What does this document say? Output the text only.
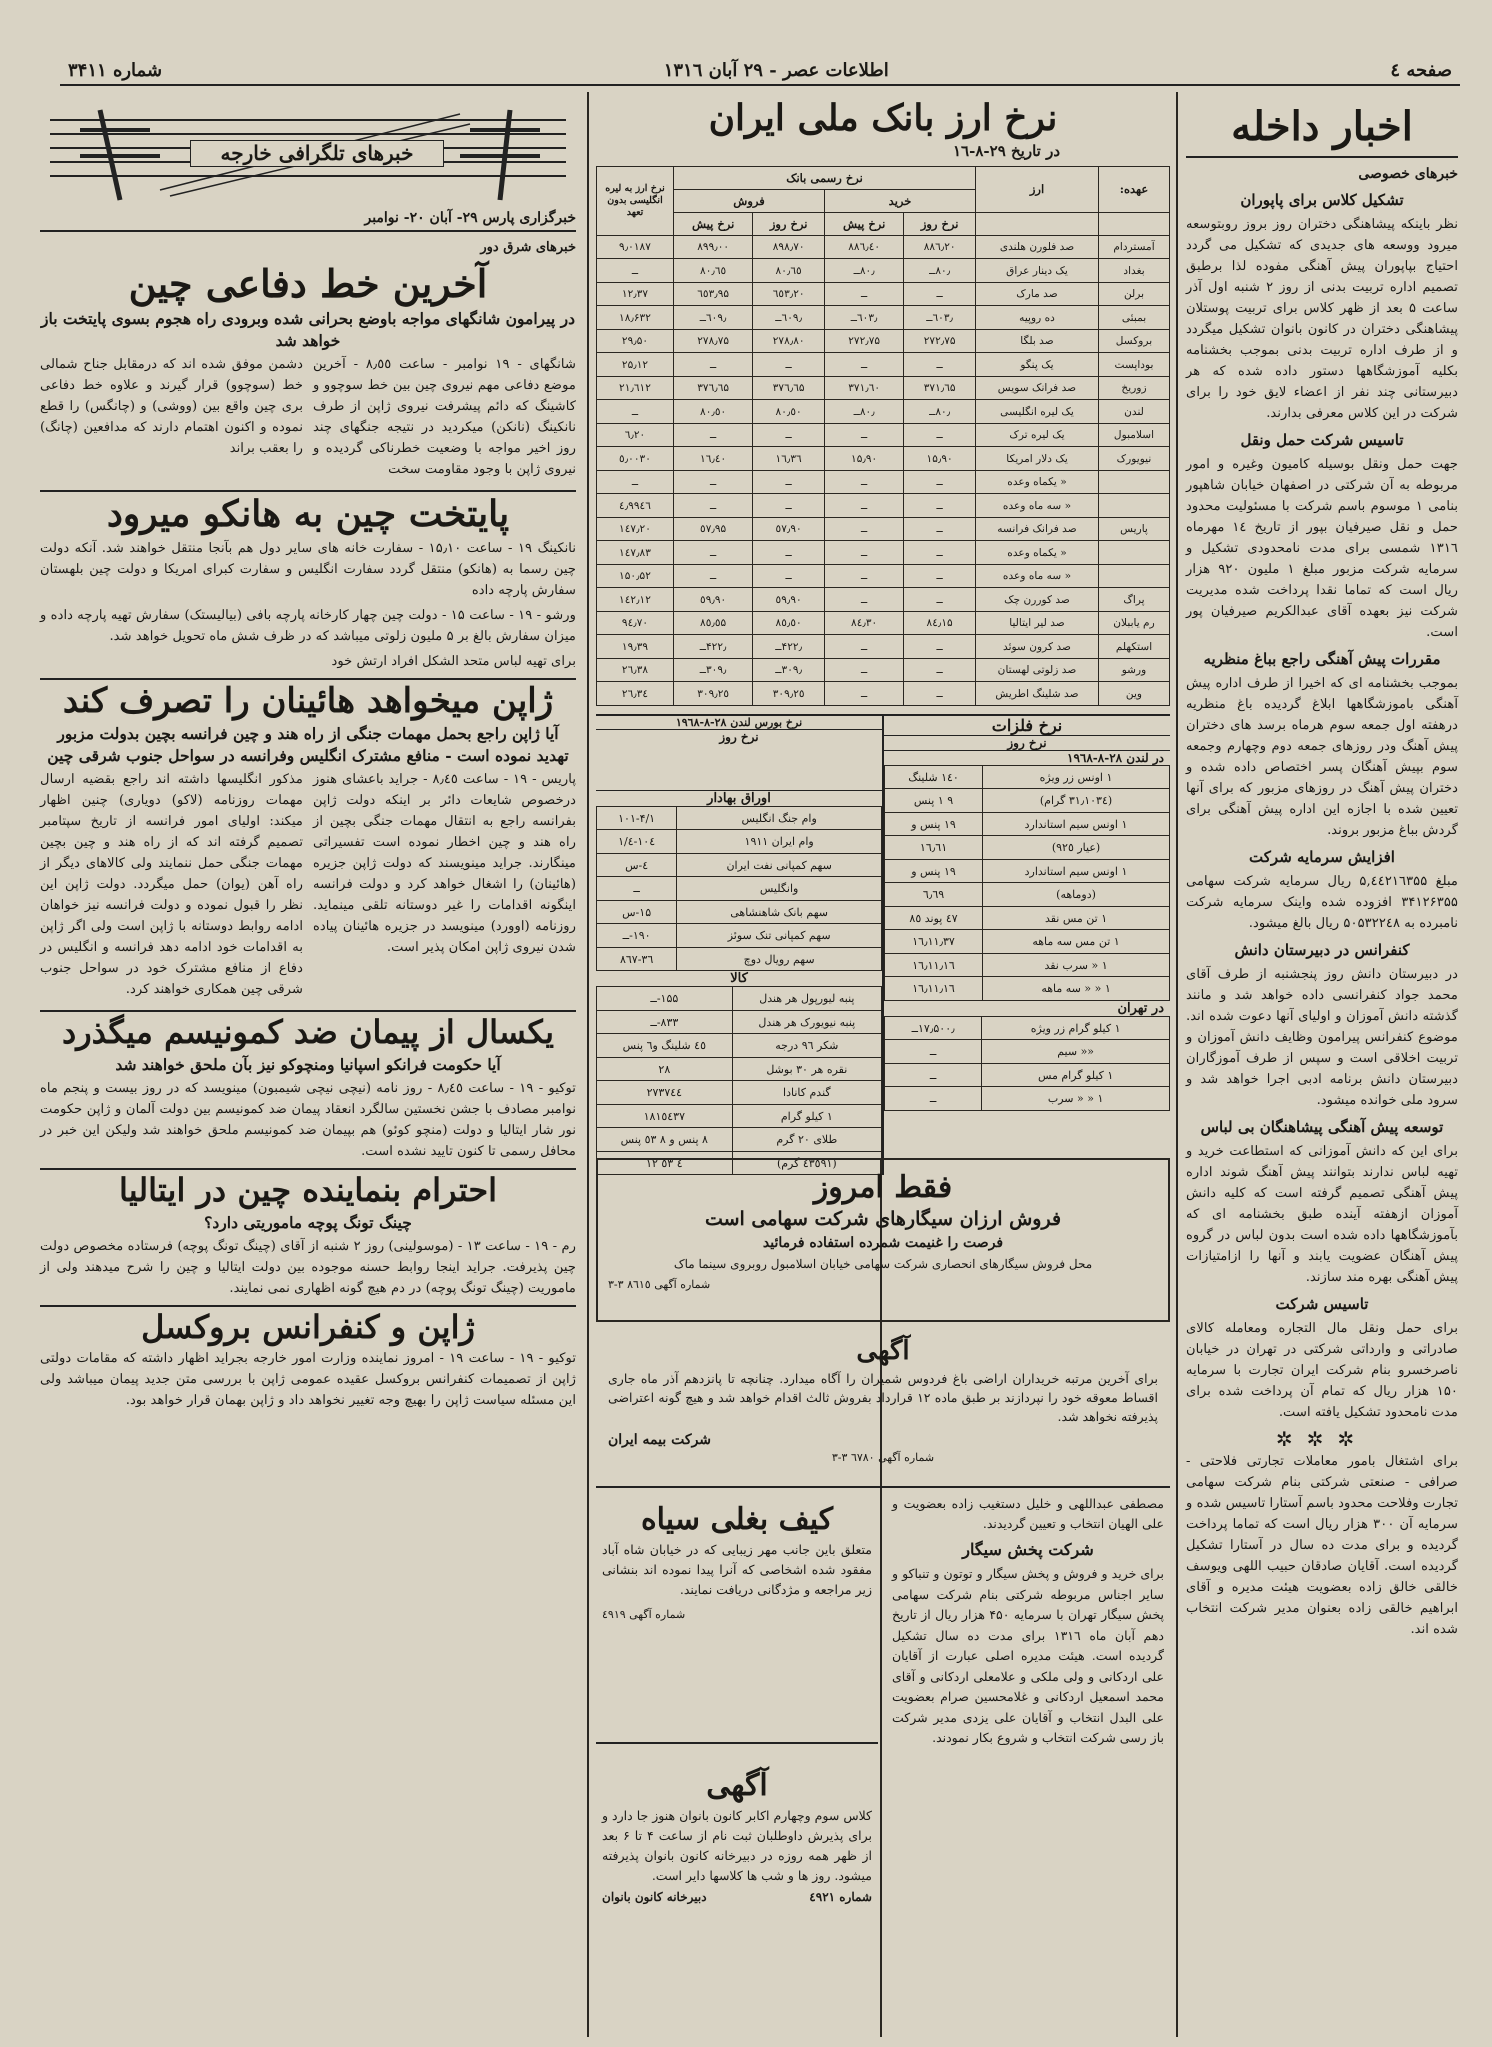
صفحه ٤
اطلاعات عصر - ۲۹ آبان ۱۳۱٦
شماره ۳۴۱۱
اخبار داخله
خبرهای خصوصی
تشکیل کلاس برای پاپوران

نظر باینکه پیشاهنگی دختران روز بروز روبتوسعه میرود ووسعه های جدیدی که تشکیل می گردد احتیاج بپاپوران پیش آهنگی مفوده لذا برطبق تصمیم اداره تربیت بدنی از روز ۲ شنبه اول آذر ساعت ۵ بعد از ظهر کلاس برای تربیت پوستلان پیشاهنگی دختران در کانون بانوان تشکیل میگردد و از طرف اداره تربیت بدنی بموجب بخشنامه بکلیه آموزشگاهها دستور داده شده که هر دبیرستانی چند نفر از اعضاء لایق خود را برای شرکت در این کلاس معرفی بدارند.

تاسیس شرکت حمل ونقل

جهت حمل ونقل بوسیله کامیون وغیره و امور مربوطه به آن شرکتی در اصفهان خیابان شاهپور بنامی ۱ موسوم باسم شرکت با مسئولیت محدود حمل و نقل صیرفیان بپور از تاریخ ۱٤ مهرماه ۱۳۱٦ شمسی برای مدت نامحدودی تشکیل و سرمایه شرکت مزبور مبلغ ۱ ملیون ۹۲۰ هزار ریال است که تماما نقدا پرداخت شده مدیریت شرکت نیز بعهده آقای عبدالکریم صیرفیان پور است.

مقررات پیش آهنگی راجع بباغ منظریه

بموجب بخشنامه ای که اخیرا از طرف اداره پیش آهنگی باموزشگاهها ابلاغ گردیده باغ منظریه درهفته اول جمعه سوم هرماه برسد های دختران پیش آهنگ ودر روزهای جمعه دوم وچهارم وجمعه سوم بپیش آهنگان پسر اختصاص داده شده و دختران پیش آهنگ در روزهای مزبور که برای آنها تعیین شده با اجازه این اداره پیش آهنگی برای گردش بباغ مزبور بروند.

افزایش سرمایه شرکت

مبلغ ۵,٤٤۲۱٦۳۵۵ ریال سرمایه شرکت سهامی ۳۴۱۲۶۳۵۵ افزوده شده واینک سرمایه شرکت نامبرده به ۵۰۵۳۲۲٤۸ ریال بالغ میشود.

کنفرانس در دبیرستان دانش

در دبیرستان دانش روز پنجشنبه از طرف آقای محمد جواد کنفرانسی داده خواهد شد و مانند گذشته دانش آموزان و اولیای آنها دعوت شده اند. موضوع کنفرانس پیرامون وظایف دانش آموزان و تربیت اخلاقی است و سپس از طرف آموزگاران دبیرستان دانش برنامه ادبی اجرا خواهد شد و سرود ملی خوانده میشود.

توسعه پیش آهنگی پیشاهنگان بی لباس

برای این که دانش آموزانی که استطاعت خرید و تهیه لباس ندارند بتوانند پیش آهنگ شوند اداره پیش آهنگی تصمیم گرفته است که کلیه دانش آموزان ازهفته آینده طبق بخشنامه ای که بآموزشگاهها داده شده است بدون لباس در گروه پیش آهنگان عضویت یابند و آنها را ازامتیازات پیش آهنگی بهره مند سازند.

تاسیس شرکت

برای حمل ونقل مال التجاره ومعامله کالای صادراتی و وارداتی شرکتی در تهران در خیابان ناصرخسرو بنام شرکت ایران تجارت با سرمایه ۱۵۰ هزار ریال که تمام آن پرداخت شده برای مدت نامحدود تشکیل یافته است.

✲✲✲

برای اشتغال بامور معاملات تجارتی فلاحتی - صرافی - صنعتی شرکتی بنام شرکت سهامی تجارت وفلاحت محدود باسم آستارا تاسیس شده و سرمایه آن ۳۰۰ هزار ریال است که تماما پرداخت گردیده و برای مدت ده سال در آستارا تشکیل گردیده است. آقایان صادقان حبیب اللهی ویوسف خالقی خالق زاده بعضویت هیئت مدیره و آقای ابراهیم خالقی زاده بعنوان مدیر شرکت انتخاب شده اند.

نرخ ارز بانک ملی ایران
در تاریخ ۲۹-۸-۱٦
عهده:	ارز	نرخ رسمی بانک				نرخ ارز به لیره انگلیسی بدون تعهد
		خرید		فروش		
		نرخ روز	نرخ پیش	نرخ روز	نرخ پیش	
آمستردام	صد فلورن هلندی	۸۸٦٫۲۰	۸۸٦٫٤۰	۸۹۸٫۷۰	۸۹۹٫۰۰	۹٫۰۱۸۷
بغداد	یک دینار عراق	۸۰٫ــ	۸۰٫ــ	۸۰٫٦٥	۸۰٫٦٥	ــ
برلن	صد مارک	ــ	ــ	٦٥۳٫۲۰	٦٥۳٫۹۵	۱۲٫۳۷
بمبئی	ده روپیه	٦۰۳٫ــ	٦۰۳٫ــ	٦۰۹٫ــ	٦۰۹٫ــ	۱۸٫۶۳۲
بروکسل	صد بلگا	۲۷۲٫۷۵	۲۷۲٫۷۵	۲۷۸٫۸۰	۲۷۸٫۷۵	۲۹٫۵۰
بوداپست	یک پنگو	ــ	ــ	ــ	ــ	۲۵٫۱۲
زوریخ	صد فرانک سویس	۳۷۱٫٦۵	۳۷۱٫٦۰	۳۷٦٫٦۵	۳۷٦٫٦۵	۲۱٫٦۱۲
لندن	یک لیره انگلیسی	۸۰٫ــ	۸۰٫ــ	۸۰٫٥۰	۸۰٫٥۰	ــ
اسلامبول	یک لیره ترک	ــ	ــ	ــ	ــ	٦٫۲۰
نیویورک	یک دلار امریکا	۱۵٫۹۰	۱۵٫۹۰	۱٦٫۳٦	۱٦٫٤۰	٥٫۰۰۳۰
	« یکماه وعده	ــ	ــ	ــ	ــ	ــ
	« سه ماه وعده	ــ	ــ	ــ	ــ	٤٫۹۹٤٦
پاریس	صد فرانک فرانسه	ــ	ــ	٥۷٫۹۰	٥۷٫۹۵	۱٤۷٫۲۰
	« یکماه وعده	ــ	ــ	ــ	ــ	۱٤۷٫۸۳
	« سه ماه وعده	ــ	ــ	ــ	ــ	۱۵۰٫۵۲
پراگ	صد کوررن چک	ــ	ــ	٥۹٫۹۰	٥۹٫۹۰	۱٤۲٫۱۲
رم یاببلان	صد لیر ایتالیا	۸٤٫۱۵	۸٤٫۳۰	۸٥٫٥۰	۸٥٫٥۵	۹٤٫۷۰
استکهلم	صد کرون سوئد	ــ	ــ	۴۲۲٫ــ	۴۲۲٫ــ	۱۹٫۳۹
ورشو	صد زلوتی لهستان	ــ	ــ	۳۰۹٫ــ	۳۰۹٫ــ	۲٦٫۳۸
وین	صد شلینگ اطریش	ــ	ــ	۳۰۹٫۲٥	۳۰۹٫۲٥	۲٦٫۳٤
نرخ فلزات
نرخ روز
در لندن ۲۸-۸-۱۹٦۸
۱ اونس زر ویژه	۱٤۰ شلینگ
(۳۱٫۱۰۳٤ گرام)	۹ ۱ پنس
۱ اونس سیم استاندارد	۱۹ پنس و
(عیار ۹۲٥)	۱٦٫٦۱
۱ اونس سیم استاندارد	۱۹ پنس و
(دوماهه)	٦٫٦۹
۱ تن مس نقد	٤۷ پوند ۸٥
۱ تن مس سه ماهه	۱٦٫۱۱٫۳۷
۱ « سرب نقد	۱٦٫۱۱٫۱٦
۱ « « سه ماهه	۱٦٫۱۱٫۱٦
در تهران
۱ کیلو گرام زر ویژه	۱۷٫۵۰۰٫ــ
«« سیم	ــ
۱ کیلو گرام مس	ــ
۱ « « سرب	ــ
نرخ بورس لندن ۲۸-۸-۱۹٦۸
نرخ روز
اوراق بهادار
وام جنگ انگلیس	۱۰۱-۴/۱
وام ایران ۱۹۱۱	۱۰٤-٤/۱
سهم کمپانی نفت ایران	٤-س
وانگلیس	ــ
سهم بانک شاهنشاهی	۱۵-س
سهم کمپانی تنک سوئز	۱۹۰-ــ
سهم رویال دوچ	۳٦-۸٦۷
کالا
پنبه لیورپول هر هندل	۱۵۵-ــ
پنبه نیویورک هر هندل	۸۳۳-ــ
شکر ۹٦ درجه	٤٥ شلینگ و٦ پنس
نقره هر ۳۰ بوشل	۲۸
گندم کانادا	۲۷۳۷٤٤
۱ کیلو گرام	۱۸۱٥٤۳۷
طلای ۲۰ گرم	۸ پنس و ۸ ٥٣ پنس
(٤۳٥۹۱ گرم)	٤ ٥۳ ۱۲
فقط امروز
فروش ارزان سیگارهای شرکت سهامی است
فرصت را غنیمت شمرده استفاده فرمائید
محل فروش سیگارهای انحصاری شرکت سهامی خیابان اسلامبول روبروی سینما ماک
شماره آگهی ۸٦۱٥ ۳-۳
آگهی

برای آخرین مرتبه خریداران اراضی باغ فردوس شمیران را آگاه میدارد. چنانچه تا پانزدهم آذر ماه جاری اقساط معوقه خود را نپردازند بر طبق ماده ۱۲ قرارداد بفروش ثالث اقدام خواهد شد و هیچ گونه اعتراضی پذیرفته نخواهد شد.

شرکت بیمه ایران
شماره آگهی ٦۷۸۰ ۳-۳

مصطفی عبداللهی و خلیل دستغیب زاده بعضویت و علی الهیان انتخاب و تعیین گردیدند.

شرکت پخش سیگار

برای خرید و فروش و پخش سیگار و توتون و تنباکو و سایر اجناس مربوطه شرکتی بنام شرکت سهامی پخش سیگار تهران با سرمایه ۴۵۰ هزار ریال از تاریخ دهم آبان ماه ۱۳۱٦ برای مدت ده سال تشکیل گردیده است. هیئت مدیره اصلی عبارت از آقایان علی اردکانی و ولی ملکی و علامعلی اردکانی و آقای محمد اسمعیل اردکانی و غلامحسین صرام بعضویت علی البدل انتخاب و آقایان علی یزدی مدیر شرکت باز رسی شرکت انتخاب و شروع بکار نمودند.

کیف بغلی سیاه

متعلق باین جانب مهر زیبایی که در خیابان شاه آباد مفقود شده اشخاصی که آنرا پیدا نموده اند بنشانی زیر مراجعه و مژدگانی دریافت نمایند.

شماره آگهی ٤۹۱۹
آگهی

کلاس سوم وچهارم اکابر کانون بانوان هنوز جا دارد و برای پذیرش داوطلبان ثبت نام از ساعت ۴ تا ۶ بعد از ظهر همه روزه در دبیرخانه کانون بانوان پذیرفته میشود. روز ها و شب ها کلاسها دایر است.

شماره ٤۹۲۱
دبیرخانه کانون بانوان
خبرهای تلگرافی خارجه
خبرگزاری پارس ۲۹- آبان ۲۰- نوامبر
خبرهای شرق دور
آخرین خط دفاعی چین
در پیرامون شانگهای مواجه باوضع بحرانی شده وبرودی راه هجوم بسوی پایتخت باز خواهد شد

شانگهای - ۱۹ نوامبر - ساعت ۸٫٥٥ - آخرین موضع دفاعی مهم نیروی چین بین خط سوچوو و کاشینگ که دائم پیشرفت نیروی ژاپن از طرف نانکینگ (نانکن) میکردید در نتیجه جنگهای چند روز اخیر مواجه با وضعیت خطرناکی گردیده و نیروی ژاپن با وجود مقاومت سخت

دشمن موفق شده اند که درمقابل جناح شمالی خط (سوچوو) قرار گیرند و علاوه خط دفاعی بری چین واقع بین (ووشی) و (چانگس) را قطع نموده و اکنون اهتمام دارند که مدافعین (چانگ) را بعقب براند

پایتخت چین به هانکو میرود

نانکینگ ۱۹ - ساعت ۱۵٫۱۰ - سفارت خانه های سایر دول هم بآنجا منتقل خواهند شد. آنکه دولت چین رسما به (هانکو) منتقل گردد سفارت انگلیس و سفارت کبرای امریکا و دولت چین بلهستان سفارش پارچه داده

ورشو - ۱۹ - ساعت ۱۵ - دولت چین چهار کارخانه پارچه بافی (بیالیستک) سفارش تهیه پارچه داده و میزان سفارش بالغ بر ۵ ملیون زلوتی میباشد که در ظرف شش ماه تحویل خواهد شد.

برای تهیه لباس متحد الشکل افراد ارتش خود

ژاپن میخواهد هائینان را تصرف کند
آیا ژاپن راجع بحمل مهمات جنگی از راه هند و چین فرانسه بچین بدولت مزبور تهدید نموده است - منافع مشترک انگلیس وفرانسه در سواحل جنوب شرقی چین

پاریس - ۱۹ - ساعت ۸٫٤٥ - جراید باعشای هنوز درخصوص شایعات دائر بر اینکه دولت ژاپن بفرانسه راجع به انتقال مهمات جنگی بچین از راه هند و چین اخطار نموده است تفسیراتی مینگارند. جراید مینویسند که دولت ژاپن جزیره (هائینان) را اشغال خواهد کرد و دولت فرانسه اینگونه اقدامات را غیر دوستانه تلقی مینماید. روزنامه (اوورد) مینویسد در جزیره هائینان پیاده شدن نیروی ژاپن امکان پذیر است.

مذکور انگلیسها داشته اند راجع بقضیه ارسال مهمات روزنامه (لاکو) دویاری) چنین اظهار میکند: اولیای امور فرانسه از تاریخ سپتامبر تصمیم گرفته اند که از راه هند و چین بچین مهمات جنگی حمل ننمایند ولی کالاهای دیگر از راه آهن (یوان) حمل میگردد. دولت ژاپن این نظر را قبول نموده و دولت فرانسه نیز خواهان ادامه روابط دوستانه با ژاپن است ولی اگر ژاپن به اقدامات خود ادامه دهد فرانسه و انگلیس در دفاع از منافع مشترک خود در سواحل جنوب شرقی چین همکاری خواهند کرد.

یکسال از پیمان ضد کمونیسم میگذرد
آیا حکومت فرانکو اسپانیا ومنچوکو نیز بآن ملحق خواهند شد

توکیو - ۱۹ - ساعت ۸٫٤٥ - روز نامه (نیچی نیچی شیمبون) مینویسد که در روز بیست و پنجم ماه نوامبر مصادف با جشن نخستین سالگرد انعقاد پیمان ضد کمونیسم بین دولت آلمان و ژاپن حکومت نور شار ایتالیا و دولت (منچو کوئو) هم بپیمان ضد کمونیسم ملحق خواهند شد ولیکن این خبر در محافل رسمی تا کنون تایید نشده است.

احترام بنماینده چین در ایتالیا
چینگ تونگ پوچه ماموریتی دارد؟

رم - ۱۹ - ساعت ۱۳ - (موسولینی) روز ۲ شنبه از آقای (چینگ تونگ پوچه) فرستاده مخصوص دولت چین پذیرفت. جراید اینجا روابط حسنه موجوده بین دولت ایتالیا و چین را شرح میدهند ولی از ماموریت (چینگ تونگ پوچه) در دم هیچ گونه اظهاری نمی نمایند.

ژاپن و کنفرانس بروکسل

توکیو - ۱۹ - ساعت ۱۹ - امروز نماینده وزارت امور خارجه بجراید اظهار داشته که مقامات دولتی ژاپن از تصمیمات کنفرانس بروکسل عقیده عمومی ژاپن با بررسی متن جدید پیمان میباشد ولی این مسئله سیاست ژاپن را بهیچ وجه تغییر نخواهد داد و ژاپن بهمان قرار خواهد بود.
